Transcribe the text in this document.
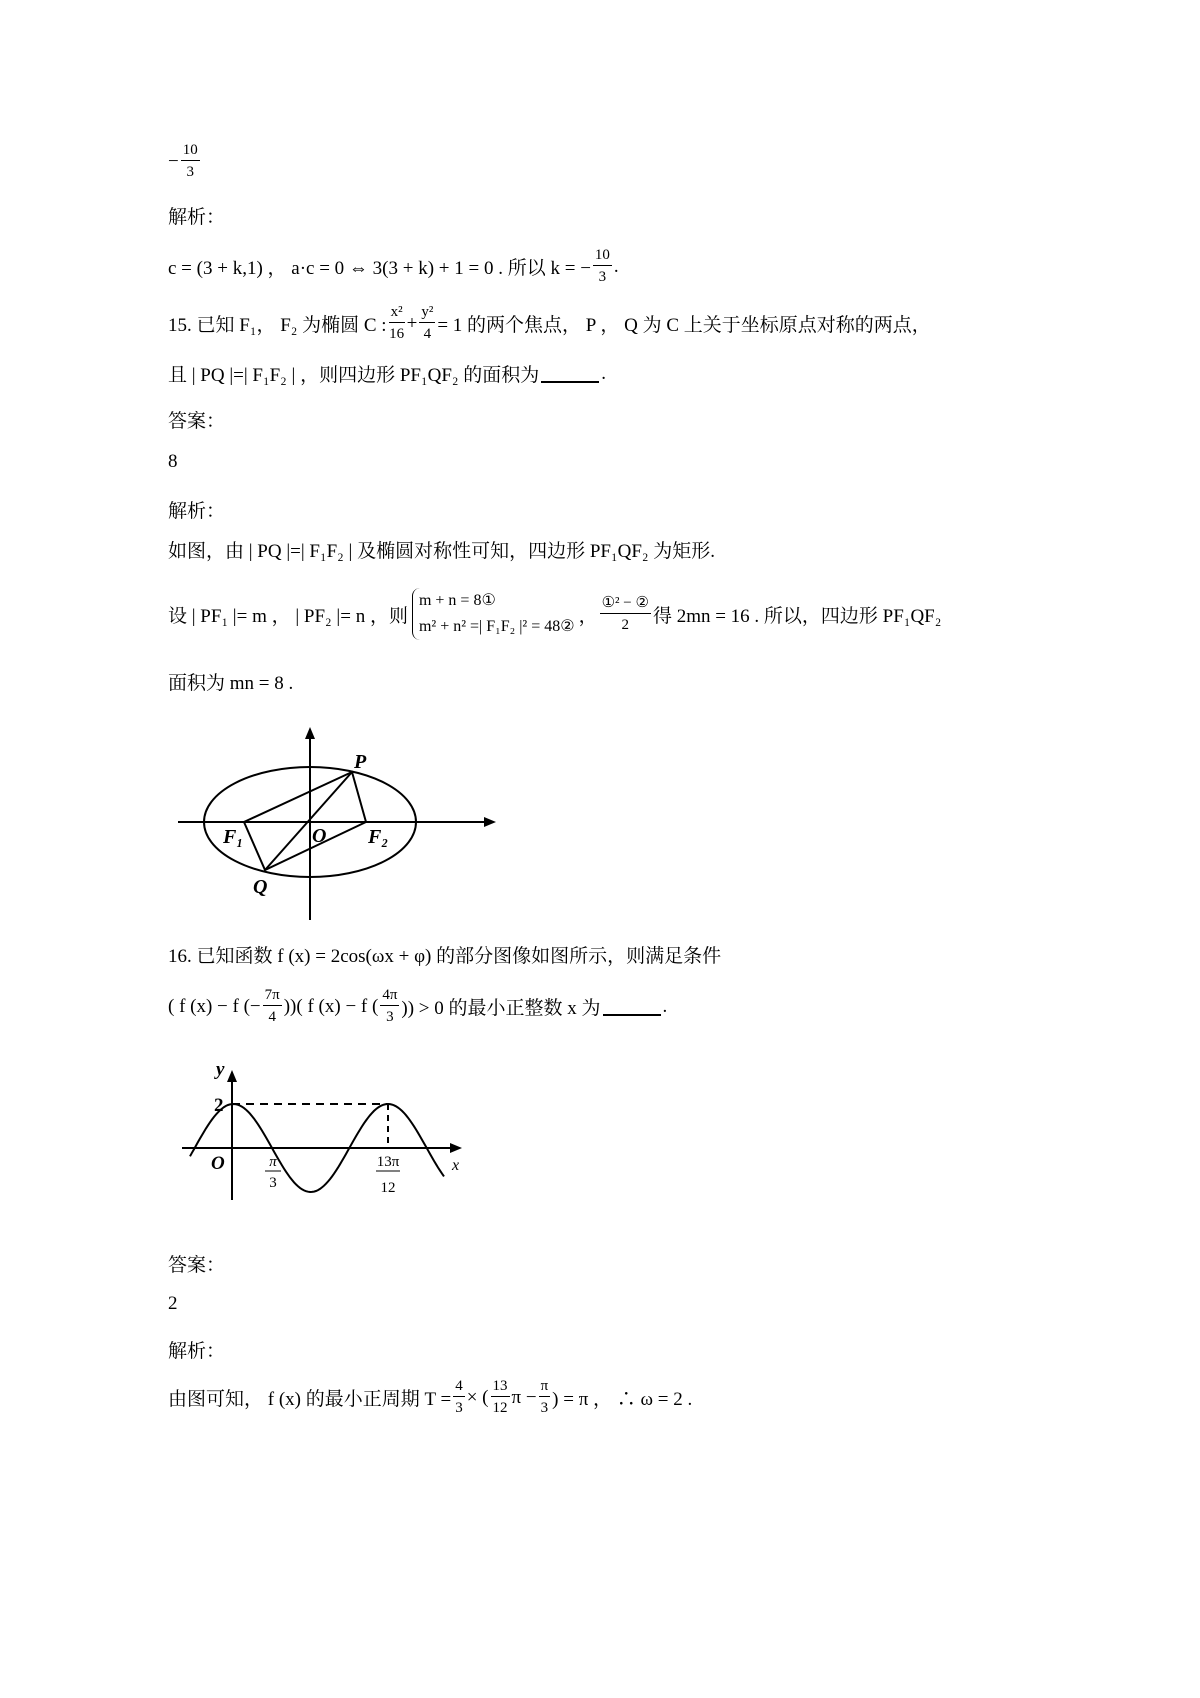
− $\frac{10}{3}$
解析：
c = (3 + k,1) ， a·c = 0 ⇔ 3(3 + k) + 1 = 0 . 所以 k = − $\frac{10}{3}$ .
15. 已知 F₁， F₂ 为椭圆 C : $\frac{\text{x²}}{16} + \frac{\text{y²}}{4} = 1$ 的两个焦点， P ， Q 为 C 上关于坐标原点对称的两点，
且 | PQ |=| F₁F₂ | ，则四边形 PF₁QF₂ 的面积为	.
答案：
8
解析：
如图，由 | PQ |=| F₁F₂ | 及椭圆对称性可知，四边形 PF₁QF₂ 为矩形.
设 | PF₁ |= m ， | PF₂ |= n ，则
m + n = 8①
m² + n² =| F₁F₂ |² = 48② ，
①² − ②
2 得 2mn = 16 . 所以，四边形 PF₁QF₂
面积为 mn = 8 .
P
Q
O
F₁	F₂
16. 已知函数 f (x) = 2cos(ωx + φ) 的部分图像如图所示，则满足条件
( f (x) − f (− $\frac{7\pi}{4}$ ))( f (x) − f ( $\frac{4\pi}{3}$ )) > 0 的最小正整数 x 为	.
y
x
O
2
π
3
13π
12
答案：
2
解析：
由图可知， f (x) 的最小正周期 $T = \frac{4}{3}$ × ( $\frac{13}{12}$ $\pi - \frac{\pi}{3}$ ) = π ， ∴ ω = 2 .
